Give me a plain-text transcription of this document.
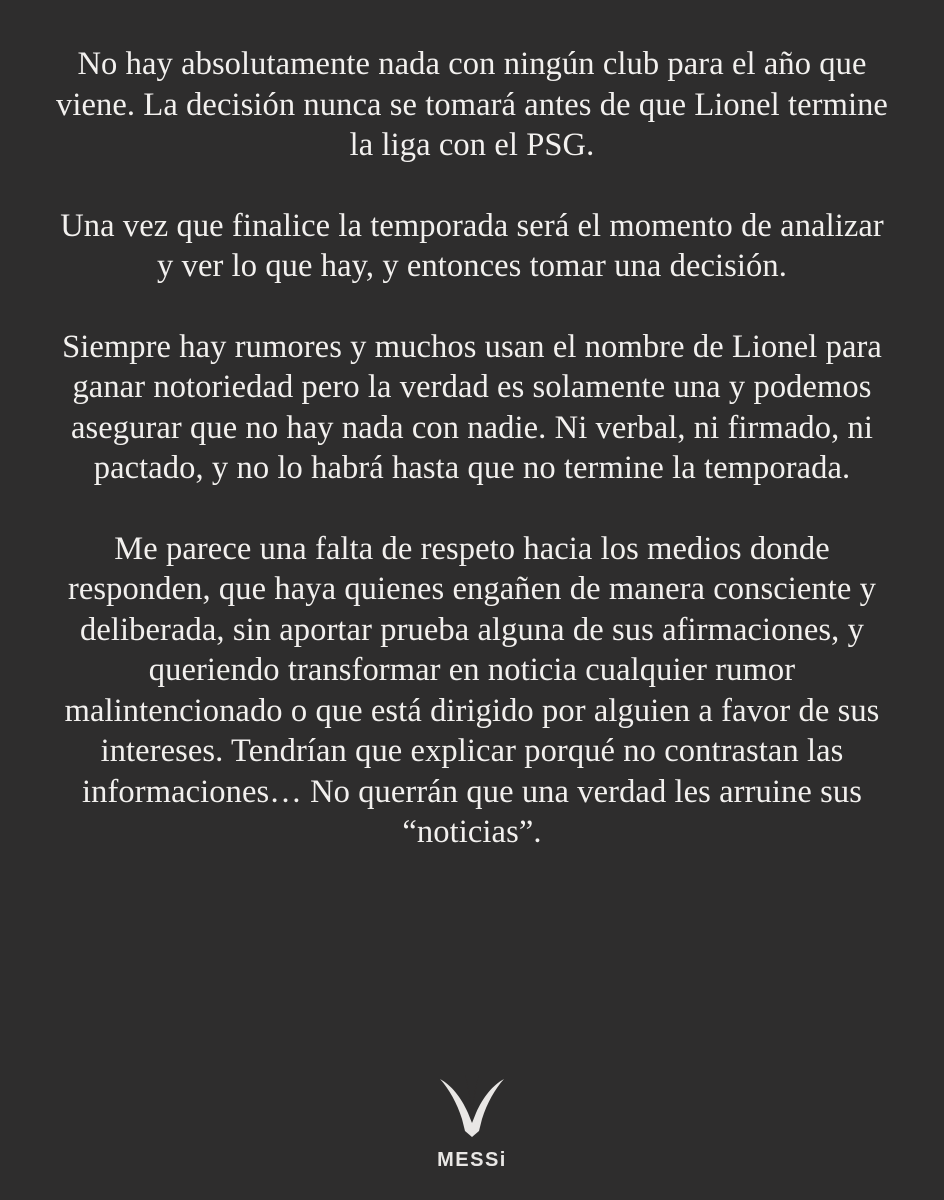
No hay absolutamente nada con ningún club para el año que viene. La decisión nunca se tomará antes de que Lionel termine la liga con el PSG.

Una vez que finalice la temporada será el momento de analizar y ver lo que hay, y entonces tomar una decisión.

Siempre hay rumores y muchos usan el nombre de Lionel para ganar notoriedad pero la verdad es solamente una y podemos asegurar que no hay nada con nadie. Ni verbal, ni firmado, ni pactado, y no lo habrá hasta que no termine la temporada.

Me parece una falta de respeto hacia los medios donde responden, que haya quienes engañen de manera consciente y deliberada, sin aportar prueba alguna de sus afirmaciones, y queriendo transformar en noticia cualquier rumor malintencionado o que está dirigido por alguien a favor de sus intereses. Tendrían que explicar porqué no contrastan las informaciones… No querrán que una verdad les arruine sus “noticias”.

MESSi
